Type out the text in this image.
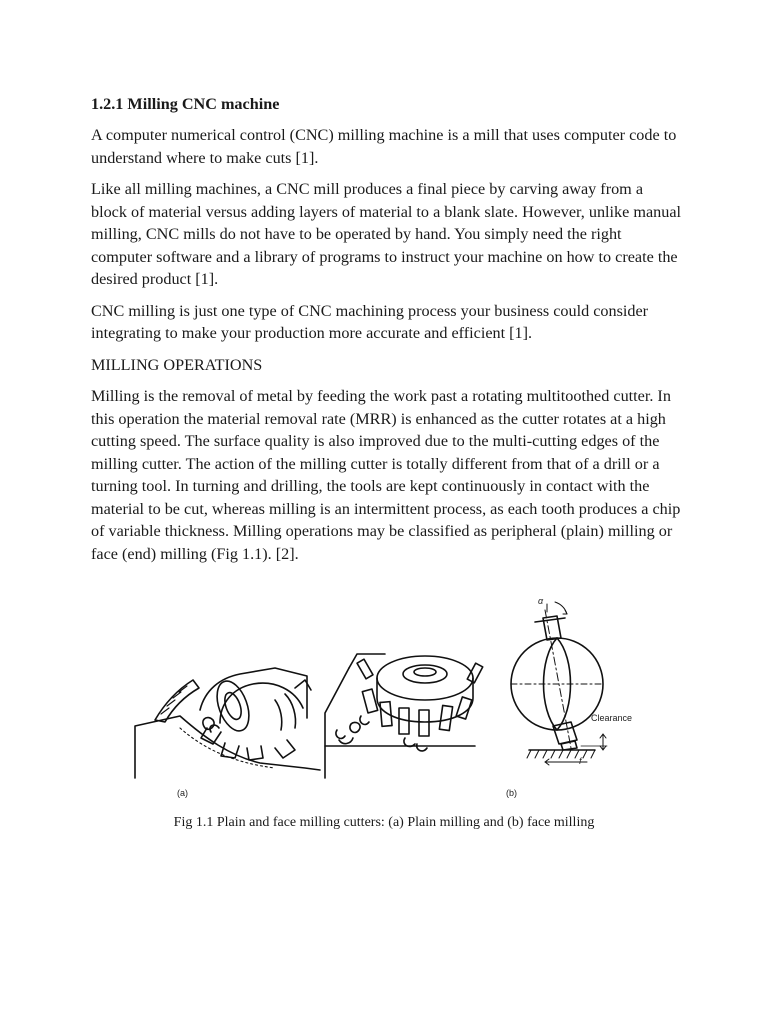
1.2.1 Milling CNC machine

A computer numerical control (CNC) milling machine is a mill that uses computer code to understand where to make cuts [1].

Like all milling machines, a CNC mill produces a final piece by carving away from a block of material versus adding layers of material to a blank slate. However, unlike manual milling, CNC mills do not have to be operated by hand. You simply need the right computer software and a library of programs to instruct your machine on how to create the desired product [1].

CNC milling is just one type of CNC machining process your business could consider integrating to make your production more accurate and efficient [1].

MILLING OPERATIONS

Milling is the removal of metal by feeding the work past a rotating multitoothed cutter. In this operation the material removal rate (MRR) is enhanced as the cutter rotates at a high cutting speed. The surface quality is also improved due to the multi-cutting edges of the milling cutter. The action of the milling cutter is totally different from that of a drill or a turning tool. In turning and drilling, the tools are kept continuously in contact with the material to be cut, whereas milling is an intermittent process, as each tooth produces a chip of variable thickness. Milling operations may be classified as peripheral (plain) milling or face (end) milling (Fig 1.1). [2].

(a)	(b)
Clearance
α
f
Fig 1.1 Plain and face milling cutters: (a) Plain milling and (b) face milling
